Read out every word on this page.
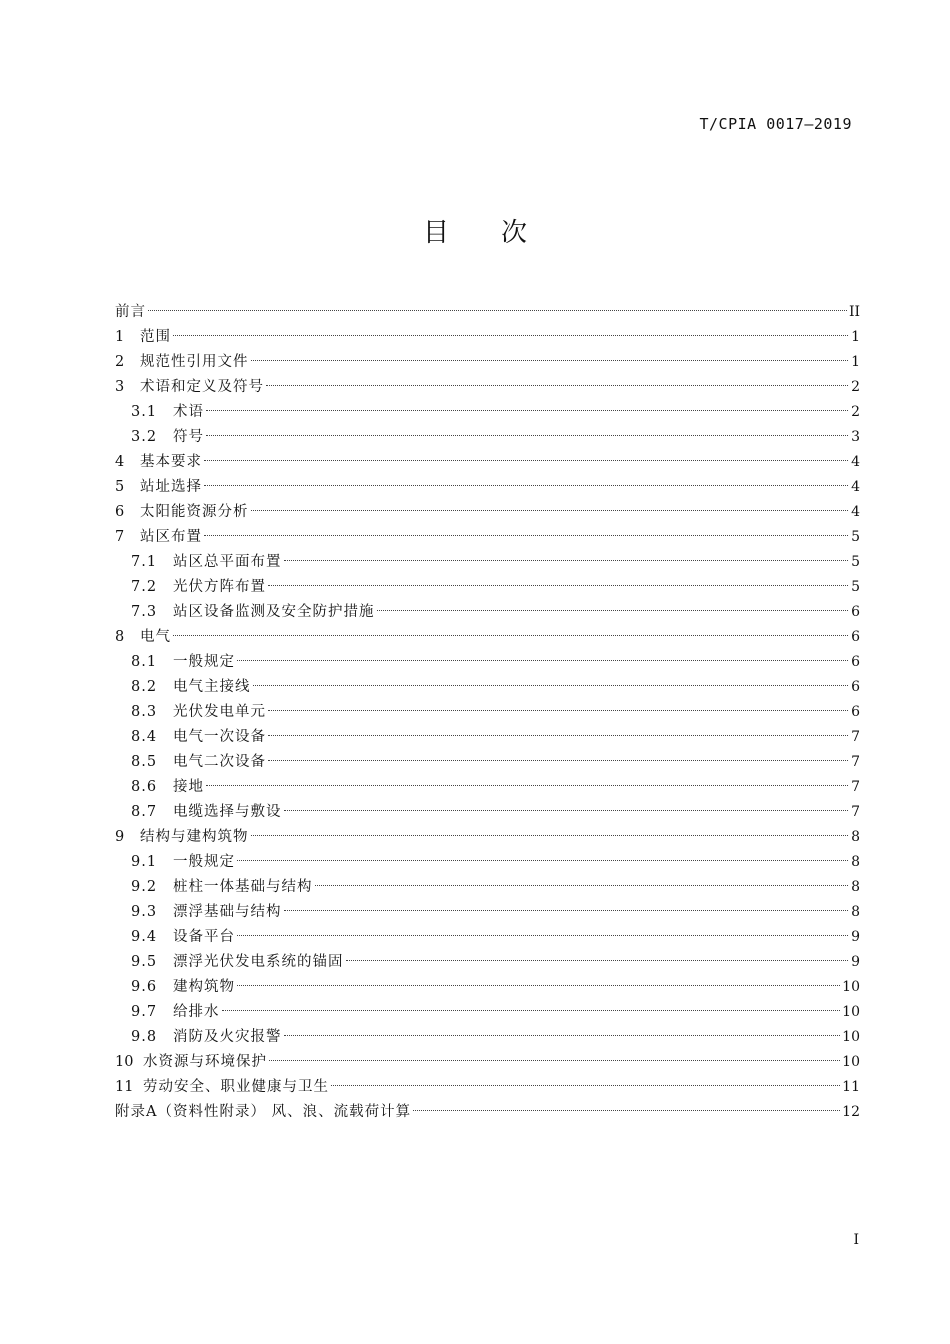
T/CPIA 0017—2019
目 次
前言	II
1	范围	1
2	规范性引用文件	1
3	术语和定义及符号	2
3.1	术语	2
3.2	符号	3
4	基本要求	4
5	站址选择	4
6	太阳能资源分析	4
7	站区布置	5
7.1	站区总平面布置	5
7.2	光伏方阵布置	5
7.3	站区设备监测及安全防护措施	6
8	电气	6
8.1	一般规定	6
8.2	电气主接线	6
8.3	光伏发电单元	6
8.4	电气一次设备	7
8.5	电气二次设备	7
8.6	接地	7
8.7	电缆选择与敷设	7
9	结构与建构筑物	8
9.1	一般规定	8
9.2	桩柱一体基础与结构	8
9.3	漂浮基础与结构	8
9.4	设备平台	9
9.5	漂浮光伏发电系统的锚固	9
9.6	建构筑物	10
9.7	给排水	10
9.8	消防及火灾报警	10
10 水资源与环境保护	10
11 劳动安全、职业健康与卫生	11
附录A（资料性附录） 风、浪、流载荷计算	12
I
